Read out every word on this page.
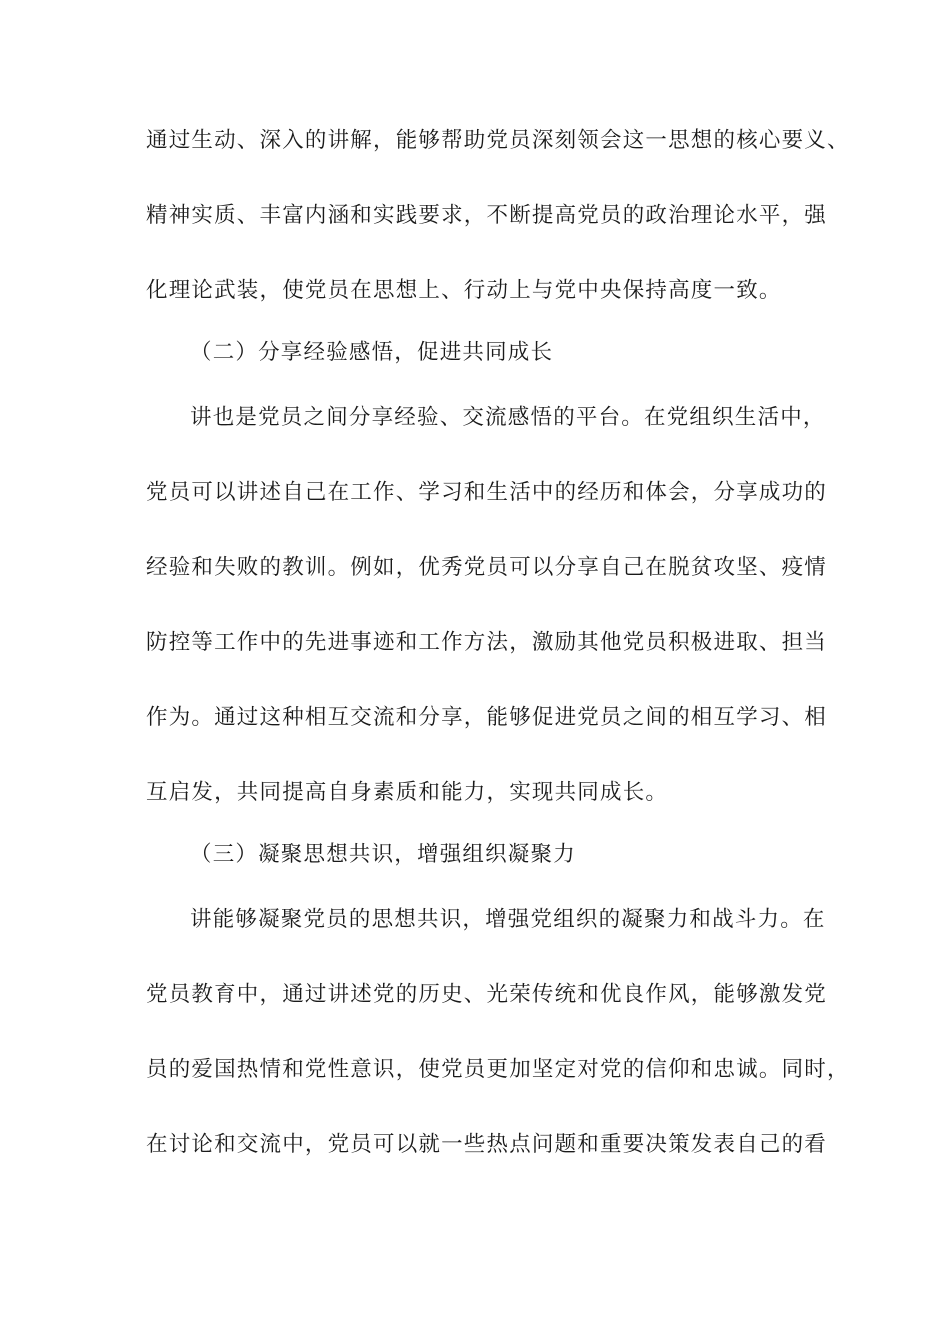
通过生动、深入的讲解，能够帮助党员深刻领会这一思想的核心要义、
精神实质、丰富内涵和实践要求，不断提高党员的政治理论水平，强
化理论武装，使党员在思想上、行动上与党中央保持高度一致。
（二）分享经验感悟，促进共同成长
讲也是党员之间分享经验、交流感悟的平台。在党组织生活中，
党员可以讲述自己在工作、学习和生活中的经历和体会，分享成功的
经验和失败的教训。例如，优秀党员可以分享自己在脱贫攻坚、疫情
防控等工作中的先进事迹和工作方法，激励其他党员积极进取、担当
作为。通过这种相互交流和分享，能够促进党员之间的相互学习、相
互启发，共同提高自身素质和能力，实现共同成长。
（三）凝聚思想共识，增强组织凝聚力
讲能够凝聚党员的思想共识，增强党组织的凝聚力和战斗力。在
党员教育中，通过讲述党的历史、光荣传统和优良作风，能够激发党
员的爱国热情和党性意识，使党员更加坚定对党的信仰和忠诚。同时，
在讨论和交流中，党员可以就一些热点问题和重要决策发表自己的看
